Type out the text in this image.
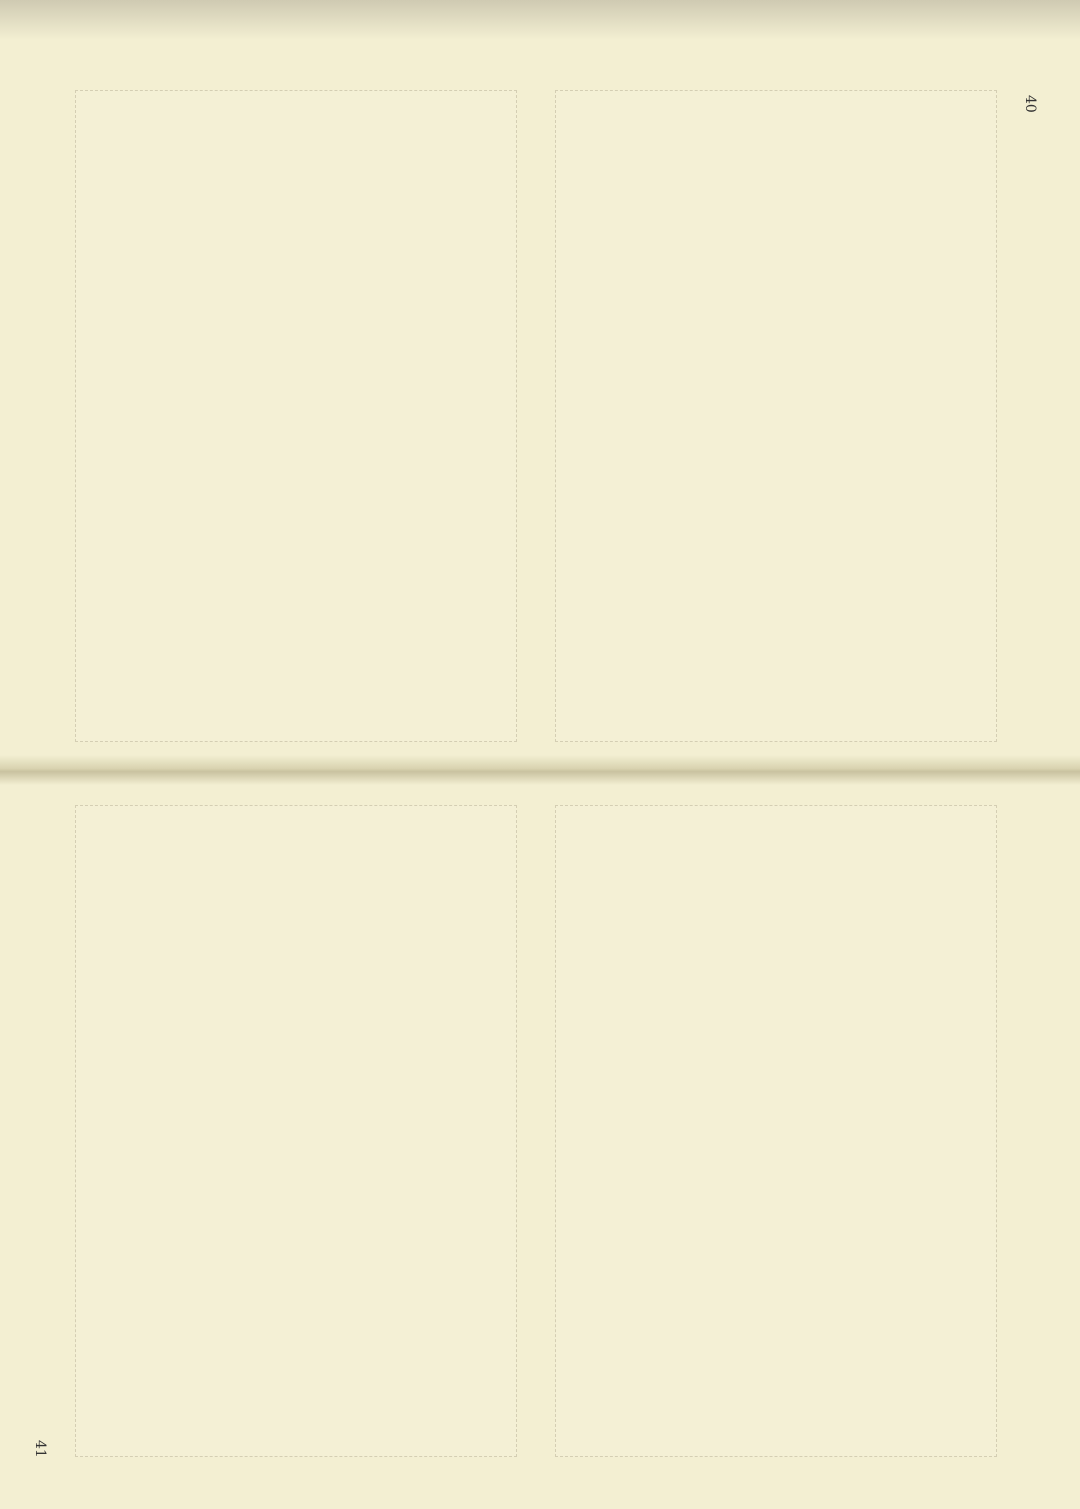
40
41
